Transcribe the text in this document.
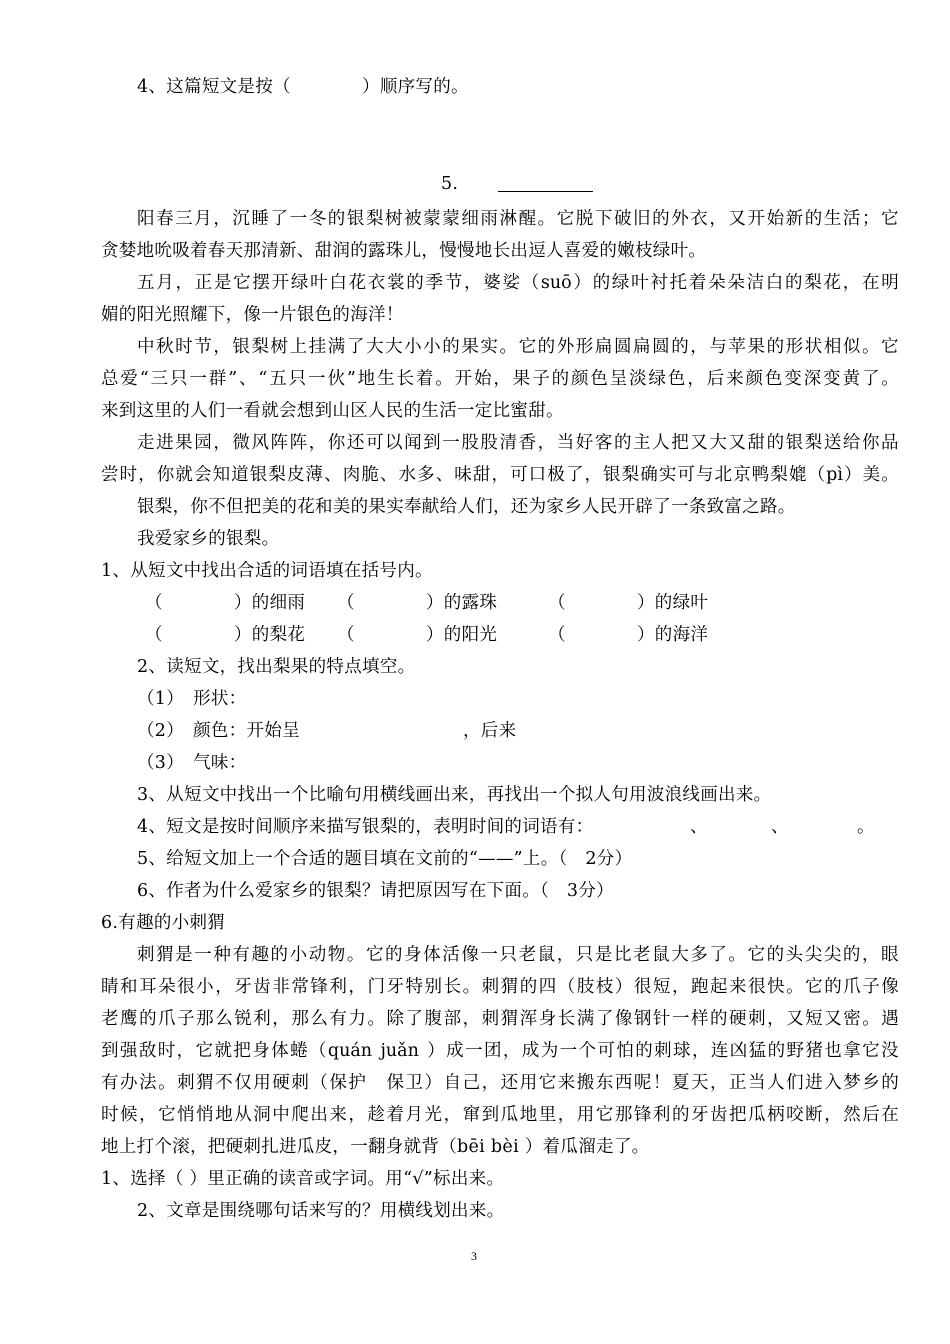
4、这篇短文是按（　　　　）顺序写的。
5.
阳 春 三 月 ， 沉 睡 了 一 冬 的 银 梨 树 被 蒙 蒙 细 雨 淋 醒 。 它 脱 下 破 旧 的 外 衣 ， 又 开 始 新 的 生 活 ； 它
贪婪地吮吸着春天那清新、甜润的露珠儿，慢慢地长出逗人喜爱的嫩枝绿叶。
五 月 ， 正 是 它 摆 开 绿 叶 白 花 衣 裳 的 季 节 ， 婆 娑 （ suō ） 的 绿 叶 衬 托 着 朵 朵 洁 白 的 梨 花 ， 在 明
媚的阳光照耀下，像一片银色的海洋！
中 秋 时 节 ， 银 梨 树 上 挂 满 了 大 大 小 小 的 果 实 。 它 的 外 形 扁 圆 扁 圆 的 ， 与 苹 果 的 形 状 相 似 。 它
总 爱 “ 三 只 一 群 ” 、 “ 五 只 一 伙 ” 地 生 长 着 。 开 始 ， 果 子 的 颜 色 呈 淡 绿 色 ， 后 来 颜 色 变 深 变 黄 了 。
来到这里的人们一看就会想到山区人民的生活一定比蜜甜。
走 进 果 园 ， 微 风 阵 阵 ， 你 还 可 以 闻 到 一 股 股 清 香 ， 当 好 客 的 主 人 把 又 大 又 甜 的 银 梨 送 给 你 品
尝 时 ， 你 就 会 知 道 银 梨 皮 薄 、 肉 脆 、 水 多 、 味 甜 ， 可 口 极 了 ， 银 梨 确 实 可 与 北 京 鸭 梨 媲 （ pì ） 美 。
银梨，你不但把美的花和美的果实奉献给人们，还为家乡人民开辟了一条致富之路。
我爱家乡的银梨。
1、从短文中找出合适的词语填在括号内。
（　　　　）的细雨 （　　　　）的露珠	（　　　　）的绿叶
（　　　　）的梨花 （　　　　）的阳光	（　　　　）的海洋
2、读短文，找出梨果的特点填空。
（1）　形状：
（2）　颜色：开始呈	，后来
（3）　气味：
3、从短文中找出一个比喻句用横线画出来，再找出一个拟人句用波浪线画出来。
4、短文是按时间顺序来描写银梨的，表明时间的词语有：	、	、	。
5、给短文加上一个合适的题目填在文前的“——”上。（　2分）
6、作者为什么爱家乡的银梨？请把原因写在下面。（　3分）
6.有趣的小刺猬
刺 猬 是 一 种 有 趣 的 小 动 物 。 它 的 身 体 活 像 一 只 老 鼠 ， 只 是 比 老 鼠 大 多 了 。 它 的 头 尖 尖 的 ， 眼
睛 和 耳 朵 很 小 ， 牙 齿 非 常 锋 利 ， 门 牙 特 别 长 。 刺 猬 的 四 （ 肢 枝 ） 很 短 ， 跑 起 来 很 快 。 它 的 爪 子 像
老 鹰 的 爪 子 那 么 锐 利 ， 那 么 有 力 。 除 了 腹 部 ， 刺 猬 浑 身 长 满 了 像 钢 针 一 样 的 硬 刺 ， 又 短 又 密 。 遇
到 强 敌 时 ， 它 就 把 身 体 蜷 （ quán
juǎn
） 成 一 团 ， 成 为 一 个 可 怕 的 刺 球 ， 连 凶 猛 的 野 猪 也 拿 它 没
有 办 法 。 刺 猬 不 仅 用 硬 刺 （ 保 护
　 保 卫 ） 自 己 ， 还 用 它 来 搬 东 西 呢 ！ 夏 天 ， 正 当 人 们 进 入 梦 乡 的
时 候 ， 它 悄 悄 地 从 洞 中 爬 出 来 ， 趁 着 月 光 ， 窜 到 瓜 地 里 ， 用 它 那 锋 利 的 牙 齿 把 瓜 柄 咬 断 ， 然 后 在
地上打个滚，把硬刺扎进瓜皮，一翻身就背（bēi bèi ）着瓜溜走了。
1、选择（ ）里正确的读音或字词。用“√”标出来。
2、文章是围绕哪句话来写的？用横线划出来。
3
